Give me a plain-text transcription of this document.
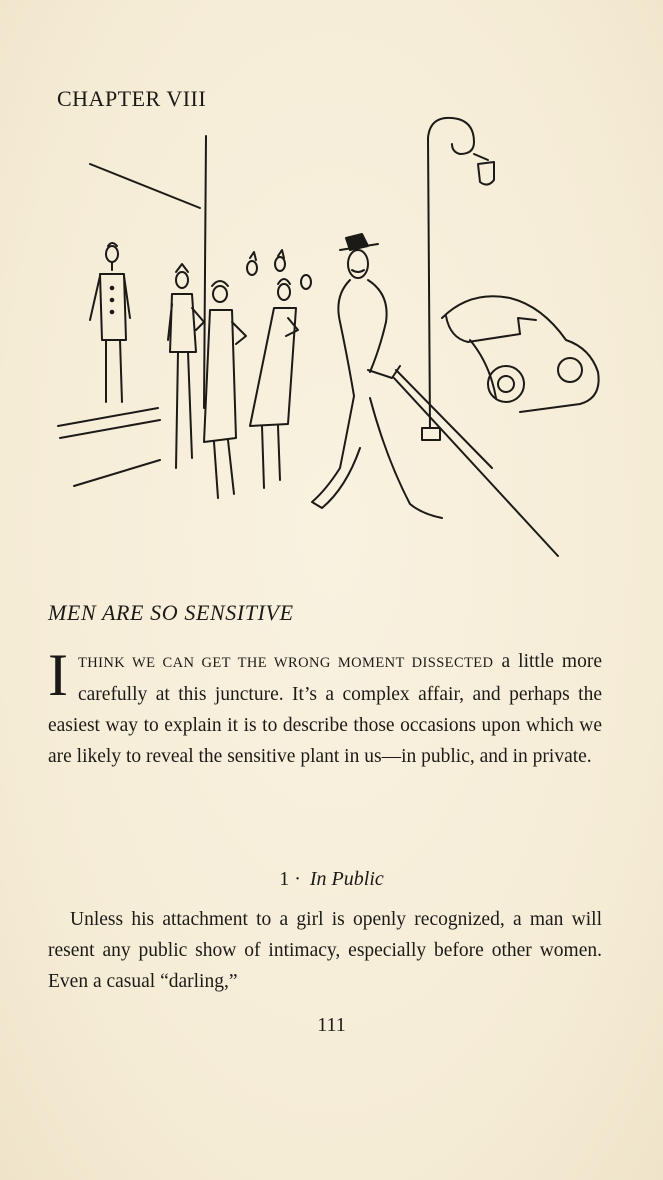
CHAPTER VIII
MEN ARE SO SENSITIVE
I THINK WE CAN GET THE WRONG MOMENT DISSECTED a little more carefully at this juncture. It’s a complex affair, and perhaps the easiest way to explain it is to describe those occasions upon which we are likely to reveal the sensitive plant in us—in public, and in private.
1 · In Public
Unless his attachment to a girl is openly recognized, a man will resent any public show of intimacy, especially before other women. Even a casual “darling,”
111
